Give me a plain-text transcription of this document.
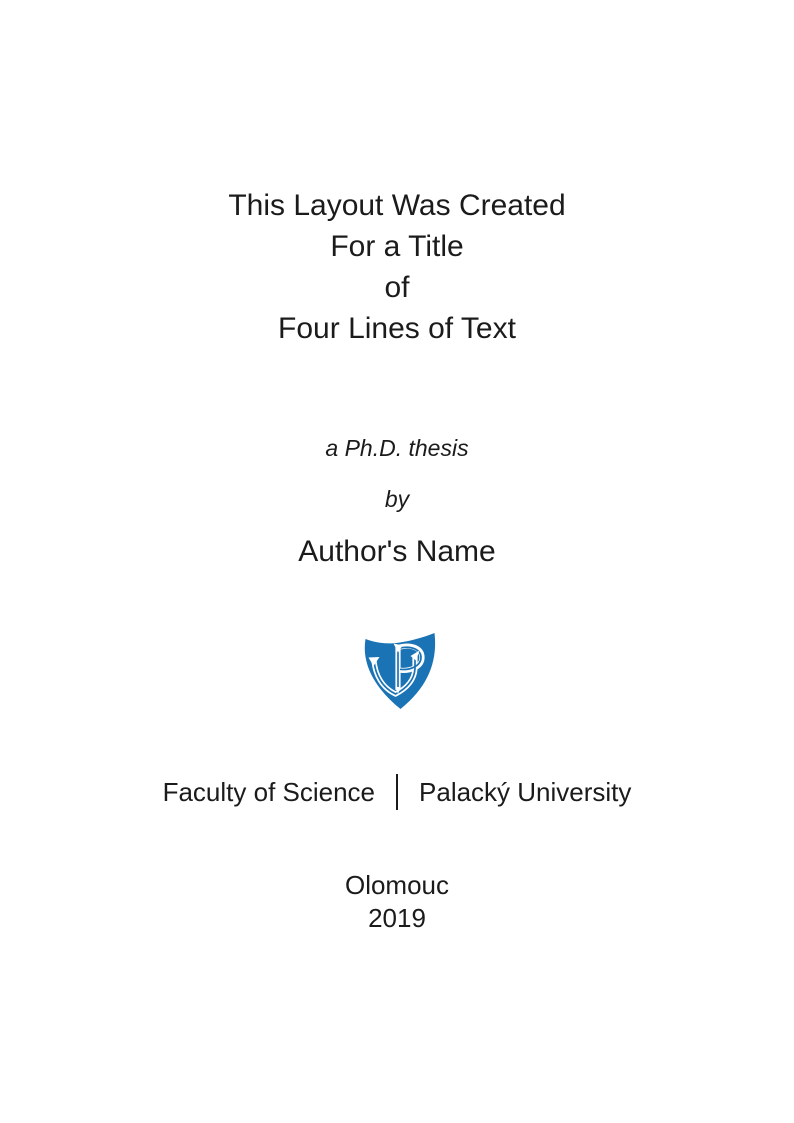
This Layout Was Created
For a Title
of
Four Lines of Text
a Ph.D. thesis
by
Author's Name
Faculty of Science Palacký University
Olomouc
2019
